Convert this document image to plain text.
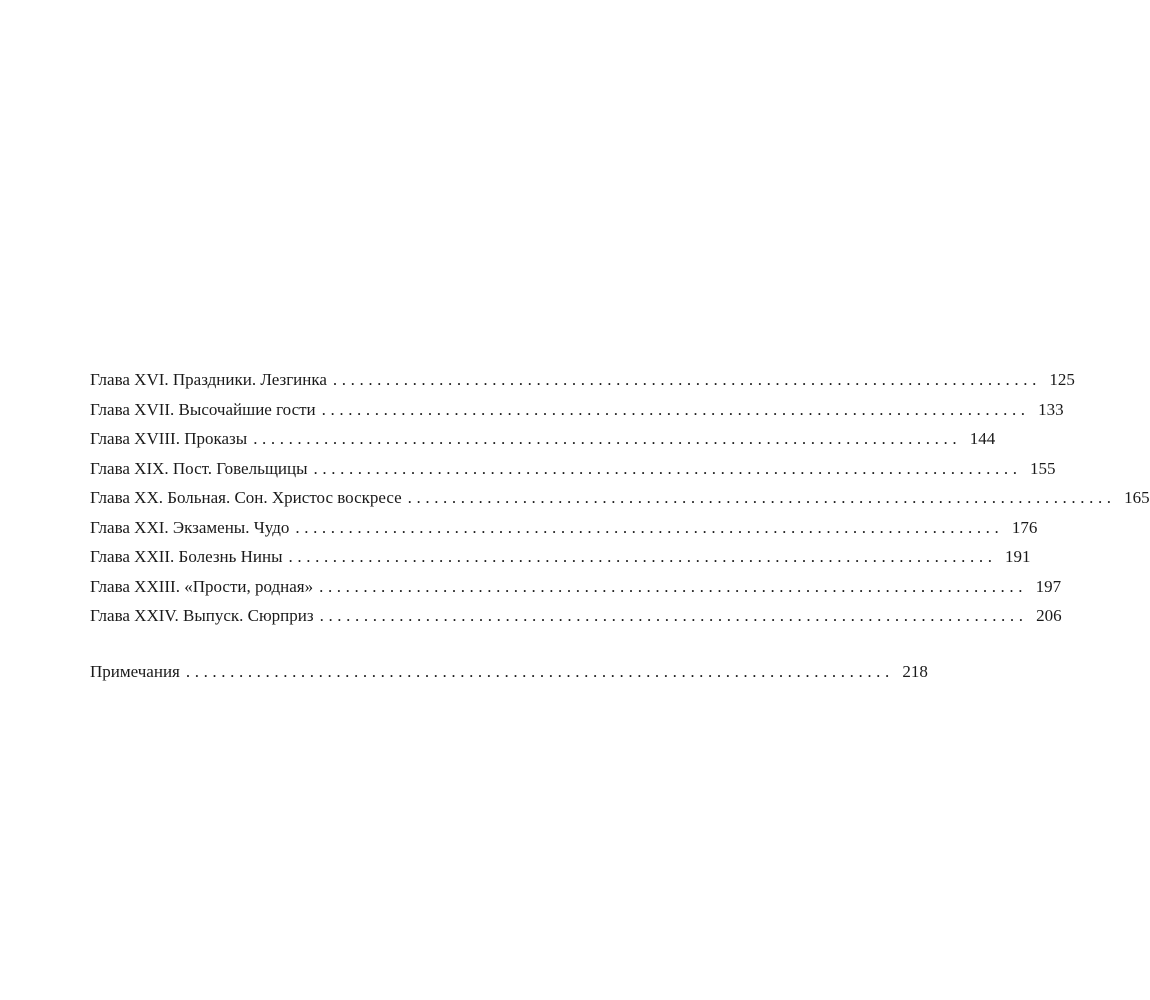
Глава XVI. Праздники. Лезгинка ................................................................................ 125
Глава XVII. Высочайшие гости ................................................................................ 133
Глава XVIII. Проказы ................................................................................ 144
Глава XIX. Пост. Говельщицы ................................................................................ 155
Глава XX. Больная. Сон. Христос воскресе ................................................................................ 165
Глава XXI. Экзамены. Чудо ................................................................................ 176
Глава XXII. Болезнь Нины ................................................................................ 191
Глава XXIII. «Прости, родная» ................................................................................ 197
Глава XXIV. Выпуск. Сюрприз ................................................................................ 206
Примечания ................................................................................ 218
